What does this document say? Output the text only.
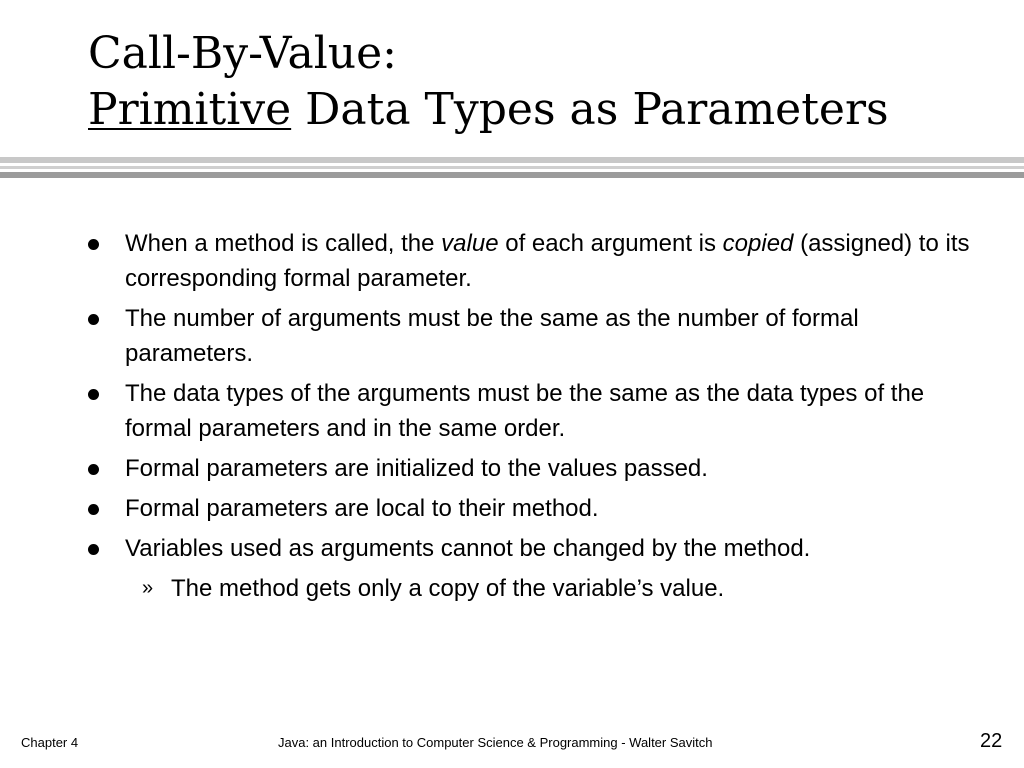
Call-By-Value:
Primitive Data Types as Parameters
When a method is called, the value of each argument is copied (assigned) to its corresponding formal parameter.
The number of arguments must be the same as the number of formal parameters.
The data types of the arguments must be the same as the data types of the formal parameters and in the same order.
Formal parameters are initialized to the values passed.
Formal parameters are local to their method.
Variables used as arguments cannot be changed by the method.
» The method gets only a copy of the variable’s value.
Chapter 4	Java: an Introduction to Computer Science & Programming - Walter Savitch	22
